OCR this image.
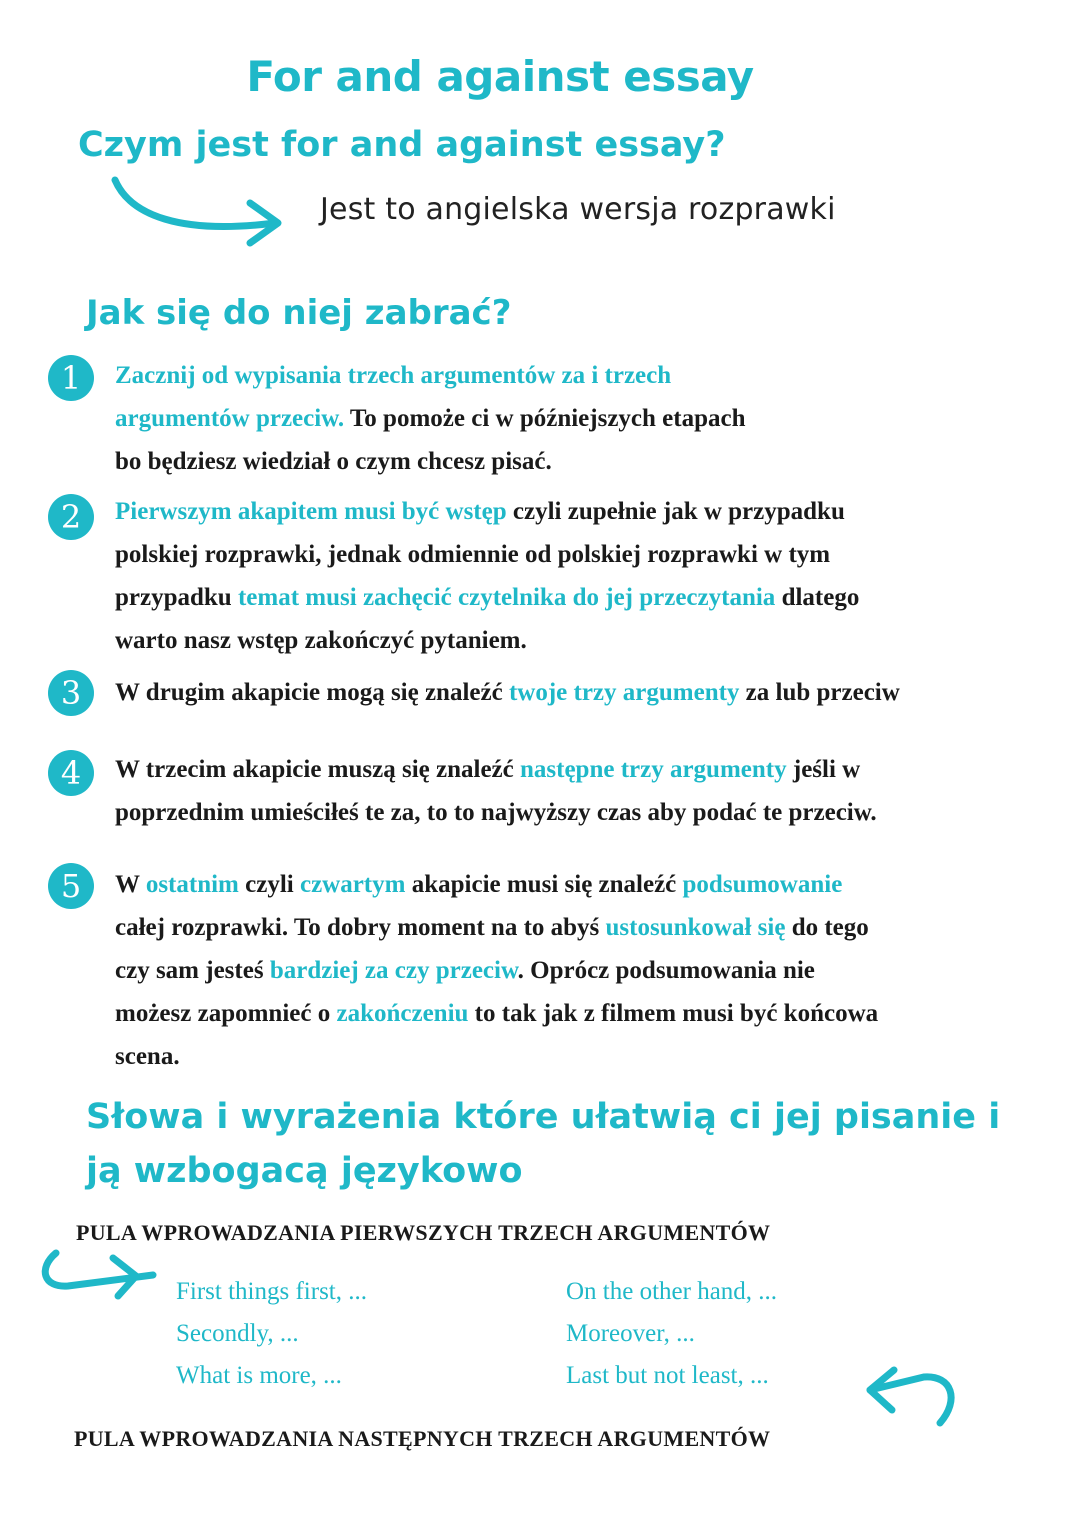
For and against essay
Czym jest for and against essay?
Jest to angielska wersja rozprawki
Jak się do niej zabrać?
1	Zacznij od wypisania trzech argumentów za i trzech
argumentów przeciw. To pomoże ci w późniejszych etapach
bo będziesz wiedział o czym chcesz pisać.
2	Pierwszym akapitem musi być wstęp czyli zupełnie jak w przypadku
polskiej rozprawki, jednak odmiennie od polskiej rozprawki w tym
przypadku temat musi zachęcić czytelnika do jej przeczytania dlatego
warto nasz wstęp zakończyć pytaniem.
3	W drugim akapicie mogą się znaleźć twoje trzy argumenty za lub przeciw
4	W trzecim akapicie muszą się znaleźć następne trzy argumenty jeśli w
poprzednim umieściłeś te za, to to najwyższy czas aby podać te przeciw.
5	W ostatnim czyli czwartym akapicie musi się znaleźć podsumowanie
całej rozprawki. To dobry moment na to abyś ustosunkował się do tego
czy sam jesteś bardziej za czy przeciw. Oprócz podsumowania nie
możesz zapomnieć o zakończeniu to tak jak z filmem musi być końcowa
scena.
Słowa i wyrażenia które ułatwią ci jej pisanie i ją wzbogacą językowo
PULA WPROWADZANIA PIERWSZYCH TRZECH ARGUMENTÓW
First things first, ...
Secondly, ...
What is more, ...
On the other hand, ...
Moreover, ...
Last but not least, ...
PULA WPROWADZANIA NASTĘPNYCH TRZECH ARGUMENTÓW
